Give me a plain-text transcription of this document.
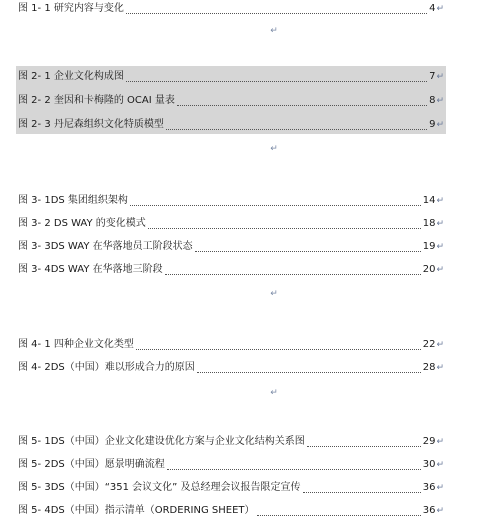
图 1- 1 研究内容与变化	4 ↵
↵
图 2- 1 企业文化构成图	7 ↵
图 2- 2 奎因和卡梅隆的 OCAI 量表	8 ↵
图 2- 3 丹尼森组织文化特质模型	9 ↵
↵
图 3- 1DS 集团组织架构	14 ↵
图 3- 2 DS WAY 的变化模式	18 ↵
图 3- 3DS WAY 在华落地员工阶段状态	19 ↵
图 3- 4DS WAY 在华落地三阶段	20 ↵
↵
图 4- 1 四种企业文化类型	22 ↵
图 4- 2DS（中国）难以形成合力的原因	28 ↵
↵
图 5- 1DS（中国）企业文化建设优化方案与企业文化结构关系图	29 ↵
图 5- 2DS（中国）愿景明确流程	30 ↵
图 5- 3DS（中国）“351 会议文化” 及总经理会议报告限定宣传	36 ↵
图 5- 4DS（中国）指示清单（ORDERING SHEET）	36 ↵
